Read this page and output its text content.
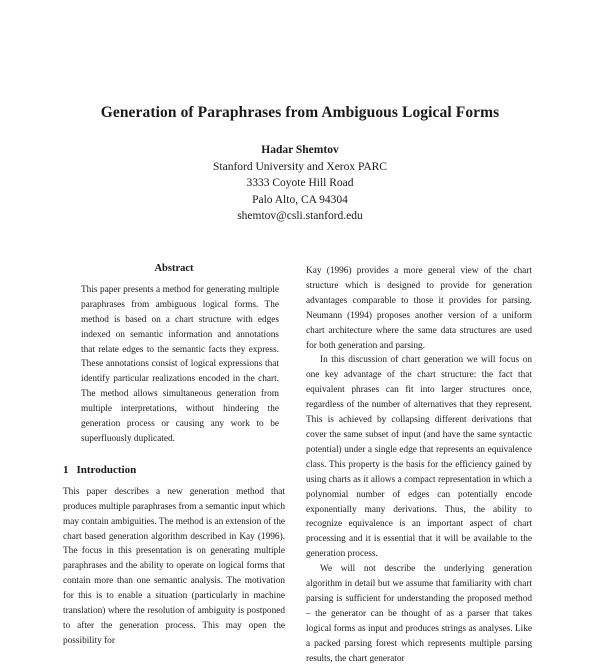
Generation of Paraphrases from Ambiguous Logical Forms
Hadar Shemtov
Stanford University and Xerox PARC
3333 Coyote Hill Road
Palo Alto, CA 94304
shemtov@csli.stanford.edu
Abstract
This paper presents a method for generating multiple paraphrases from ambiguous logical forms. The method is based on a chart structure with edges indexed on semantic information and annotations that relate edges to the semantic facts they express. These annotations consist of logical expressions that identify particular realizations encoded in the chart. The method allows simultaneous generation from multiple interpretations, without hindering the generation process or causing any work to be superfluously duplicated.
1 Introduction
This paper describes a new generation method that produces multiple paraphrases from a semantic input which may contain ambiguities. The method is an extension of the chart based generation algorithm described in Kay (1996). The focus in this presentation is on generating multiple paraphrases and the ability to operate on logical forms that contain more than one semantic analysis. The motivation for this is to enable a situation (particularly in machine translation) where the resolution of ambiguity is postponed to after the generation process. This may open the possibility for
Kay (1996) provides a more general view of the chart structure which is designed to provide for generation advantages comparable to those it provides for parsing. Neumann (1994) proposes another version of a uniform chart architecture where the same data structures are used for both generation and parsing.
In this discussion of chart generation we will focus on one key advantage of the chart structure: the fact that equivalent phrases can fit into larger structures once, regardless of the number of alternatives that they represent. This is achieved by collapsing different derivations that cover the same subset of input (and have the same syntactic potential) under a single edge that represents an equivalence class. This property is the basis for the efficiency gained by using charts as it allows a compact representation in which a polynomial number of edges can potentially encode exponentially many derivations. Thus, the ability to recognize equivalence is an important aspect of chart processing and it is essential that it will be available to the generation process.
We will not describe the underlying generation algorithm in detail but we assume that familiarity with chart parsing is sufficient for understanding the proposed method – the generator can be thought of as a parser that takes logical forms as input and produces strings as analyses. Like a packed parsing forest which represents multiple parsing results, the chart generator
